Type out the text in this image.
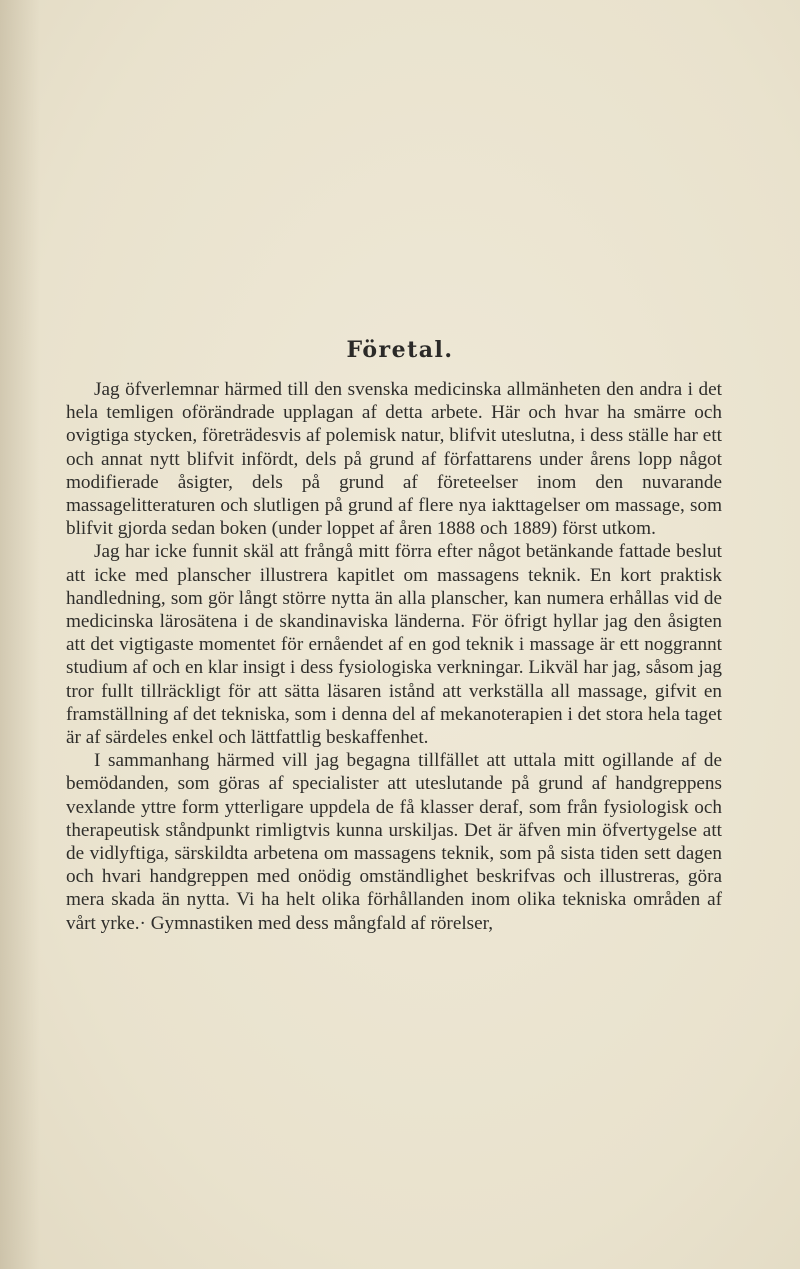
Företal.

Jag öfverlemnar härmed till den svenska medicinska allmänheten den andra i det hela temligen oförändrade upplagan af detta arbete. Här och hvar ha smärre och ovigtiga stycken, företrädesvis af polemisk natur, blifvit uteslutna, i dess ställe har ett och annat nytt blifvit infördt, dels på grund af författarens under årens lopp något modifierade åsigter, dels på grund af företeelser inom den nuvarande massagelitteraturen och slutligen på grund af flere nya iakttagelser om massage, som blifvit gjorda sedan boken (under loppet af åren 1888 och 1889) först utkom.

Jag har icke funnit skäl att frångå mitt förra efter något betänkande fattade beslut att icke med planscher illustrera kapitlet om massagens teknik. En kort praktisk handledning, som gör långt större nytta än alla planscher, kan numera erhållas vid de medicinska lärosätena i de skandinaviska länderna. För öfrigt hyllar jag den åsigten att det vigtigaste momentet för ernåendet af en god teknik i massage är ett noggrannt studium af och en klar insigt i dess fysiologiska verkningar. Likväl har jag, såsom jag tror fullt tillräckligt för att sätta läsaren istånd att verkställa all massage, gifvit en framställning af det tekniska, som i denna del af mekanoterapien i det stora hela taget är af särdeles enkel och lättfattlig beskaffenhet.

I sammanhang härmed vill jag begagna tillfället att uttala mitt ogillande af de bemödanden, som göras af specialister att uteslutande på grund af handgreppens vexlande yttre form ytterligare uppdela de få klasser deraf, som från fysiologisk och therapeutisk ståndpunkt rimligtvis kunna urskiljas. Det är äfven min öfvertygelse att de vidlyftiga, särskildta arbetena om massagens teknik, som på sista tiden sett dagen och hvari handgreppen med onödig omständlighet beskrifvas och illustreras, göra mera skada än nytta. Vi ha helt olika förhållanden inom olika tekniska områden af vårt yrke.· Gymnastiken med dess mångfald af rörelser,
